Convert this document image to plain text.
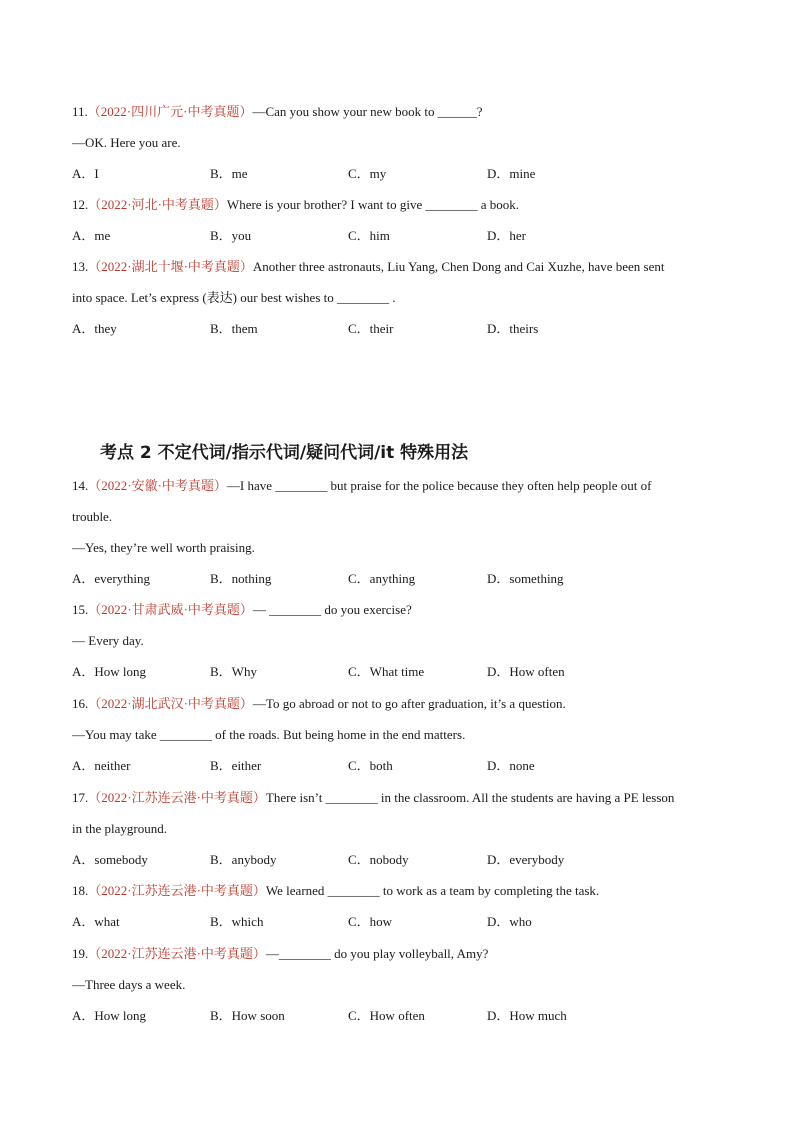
11.（2022·四川广元·中考真题）—Can you show your new book to ______?
—OK. Here you are.
A．I	B．me	C．my	D．mine
12.（2022·河北·中考真题）Where is your brother? I want to give ________ a book.
A．me	B．you	C．him	D．her
13.（2022·湖北十堰·中考真题）Another three astronauts, Liu Yang, Chen Dong and Cai Xuzhe, have been sent
into space. Let’s express (表达) our best wishes to ________ .
A．they	B．them	C．their	D．theirs
考点 2 不定代词/指示代词/疑问代词/it 特殊用法
14.（2022·安徽·中考真题）—I have ________ but praise for the police because they often help people out of
trouble.
—Yes, they’re well worth praising.
A．everything	B．nothing	C．anything	D．something
15.（2022·甘肃武威·中考真题）— ________ do you exercise?
— Every day.
A．How long	B．Why	C．What time	D．How often
16.（2022·湖北武汉·中考真题）—To go abroad or not to go after graduation, it’s a question.
—You may take ________ of the roads. But being home in the end matters.
A．neither	B．either	C．both	D．none
17.（2022·江苏连云港·中考真题）There isn’t ________ in the classroom. All the students are having a PE lesson
in the playground.
A．somebody	B．anybody	C．nobody	D．everybody
18.（2022·江苏连云港·中考真题）We learned ________ to work as a team by completing the task.
A．what	B．which	C．how	D．who
19.（2022·江苏连云港·中考真题）—________ do you play volleyball, Amy?
—Three days a week.
A．How long	B．How soon	C．How often	D．How much
